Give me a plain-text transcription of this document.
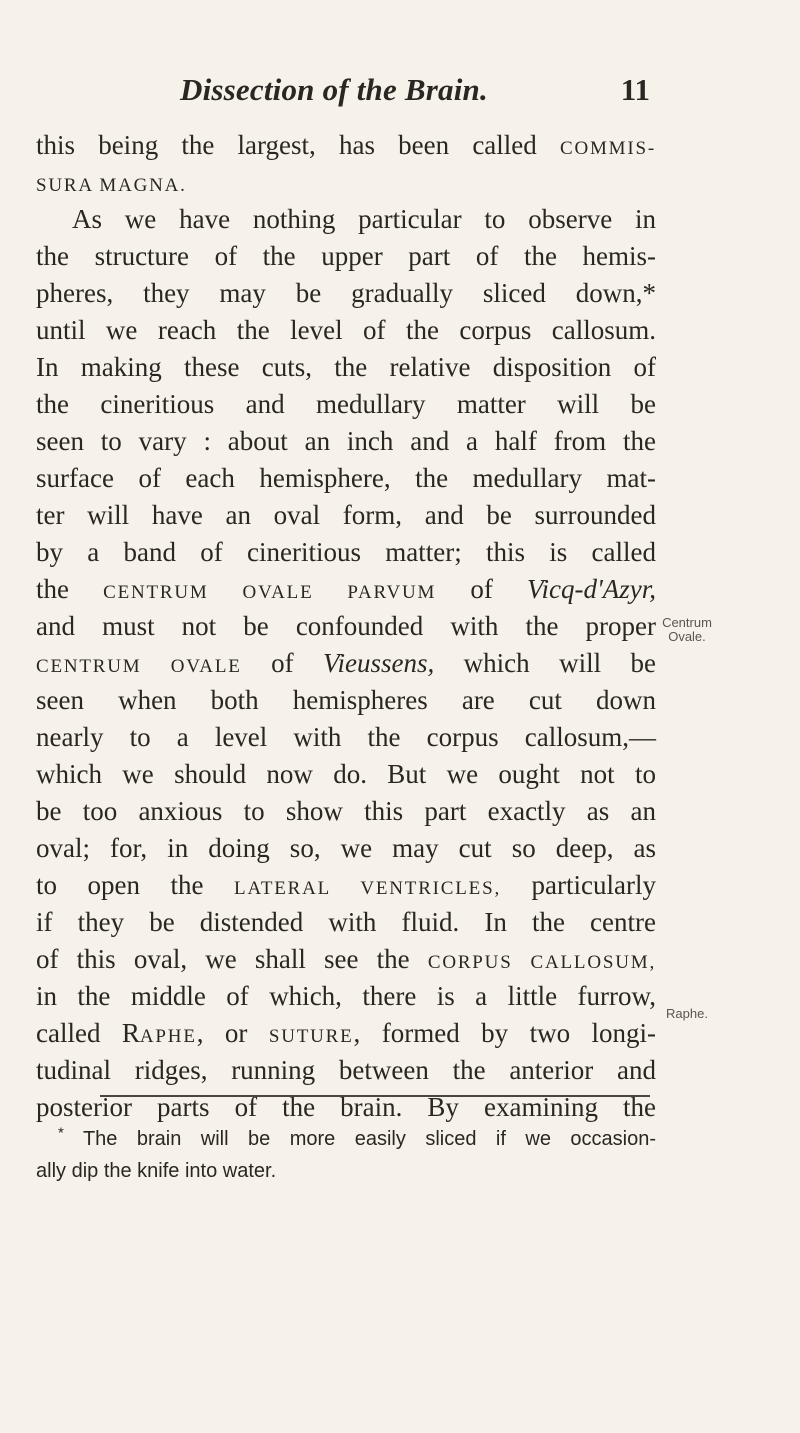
Dissection of the Brain.	11
this being the largest, has been called COMMIS-
SURA MAGNA.
As we have nothing particular to observe in
the structure of the upper part of the hemis-
pheres, they may be gradually sliced down,*
until we reach the level of the corpus callosum.
In making these cuts, the relative disposition of
the cineritious and medullary matter will be
seen to vary : about an inch and a half from the
surface of each hemisphere, the medullary mat-
ter will have an oval form, and be surrounded
by a band of cineritious matter; this is called
the CENTRUM OVALE PARVUM of Vicq-d'Azyr,
and must not be confounded with the proper
CENTRUM OVALE of Vieussens, which will be
seen when both hemispheres are cut down
nearly to a level with the corpus callosum,—
which we should now do. But we ought not to
be too anxious to show this part exactly as an
oval; for, in doing so, we may cut so deep, as
to open the LATERAL VENTRICLES, particularly
if they be distended with fluid. In the centre
of this oval, we shall see the CORPUS CALLOSUM,
in the middle of which, there is a little furrow,
called RAPHE, or SUTURE, formed by two longi-
tudinal ridges, running between the anterior and
posterior parts of the brain. By examining the
Centrum
Ovale.
Raphe.
* The brain will be more easily sliced if we occasion-
ally dip the knife into water.
